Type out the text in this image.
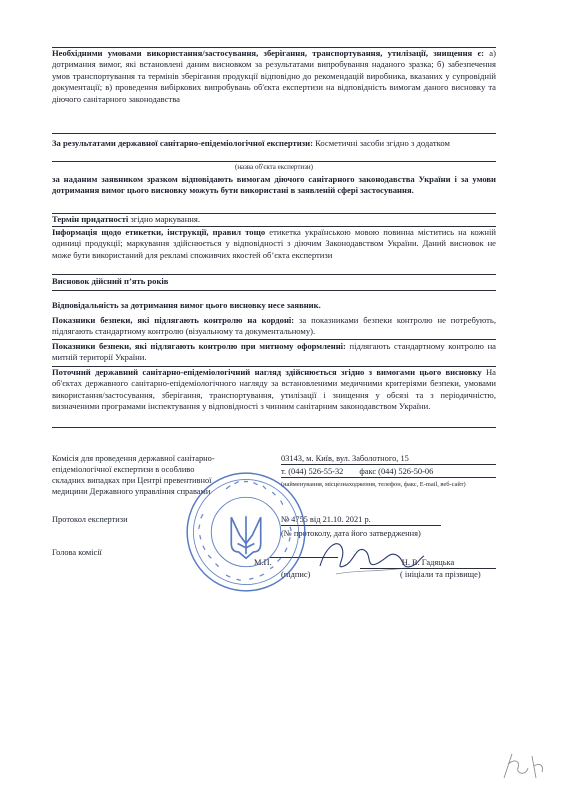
Необхідними умовами використання/застосування, зберігання, транспортування, утилізації, знищення є: а) дотримання вимог, які встановлені даним висновком за результатами випробування наданого зразка; б) забезпечення умов транспортування та термінів зберігання продукції відповідно до рекомендацій виробника, вказаних у супровідній документації; в) проведення вибіркових випробувань об'єкта експертизи на відповідність вимогам даного висновку та діючого санітарного законодавства
За результатами державної санітарно-епідеміологічної експертизи: Косметичні засоби згідно з додатком
(назва об'єкта експертизи)
за наданим заявником зразком відповідають вимогам діючого санітарного законодавства України і за умови дотримання вимог цього висновку можуть бути використані в заявленій сфері застосування.
Термін придатності згідно маркування.
Інформація щодо етикетки, інструкції, правил тощо етикетка українською мовою повинна міститись на кожній одиниці продукції; маркування здійснюється у відповідності з діючим Законодавством України. Даний висновок не може бути використаний для рекламі споживчих якостей об’єкта експертизи
Висновок дійсний п’ять років
Відповідальність за дотримання вимог цього висновку несе заявник.
Показники безпеки, які підлягають контролю на кордоні: за показниками безпеки контролю не потребують, підлягають стандартному контролю (візуальному та документальному).
Показники безпеки, які підлягають контролю при митному оформленні: підлягають стандартному контролю на митній території України.
Поточний державний санітарно-епідеміологічний нагляд здійснюється згідно з вимогами цього висновку На об'єктах державного санітарно-епідеміологічного нагляду за встановленими медичними критеріями безпеки, умовами використання/застосування, зберігання, транспортування, утилізації і знищення у обсязі та з періодичністю, визначеними програмами інспектування у відповідності з чинним санітарним законодавством України.
Комісія для проведення державної санітарно-
епідеміологічної експертизи в особливо
складних випадках при Центрі превентивної
медицини Державного управління справами
03143, м. Київ, вул. Заболотного, 15
т. (044) 526-55-32 факс (044) 526-50-06
(найменування, місцезнаходження, телефон, факс, E-mail, веб-сайт)
Протокол експертизи	№ 4755 від 21.10. 2021 р.
(№ протоколу, дата його затвердження)
Голова комісії
М.П.
(підпис)
Н. В. Гадяцька
( ініціали та прізвище)
